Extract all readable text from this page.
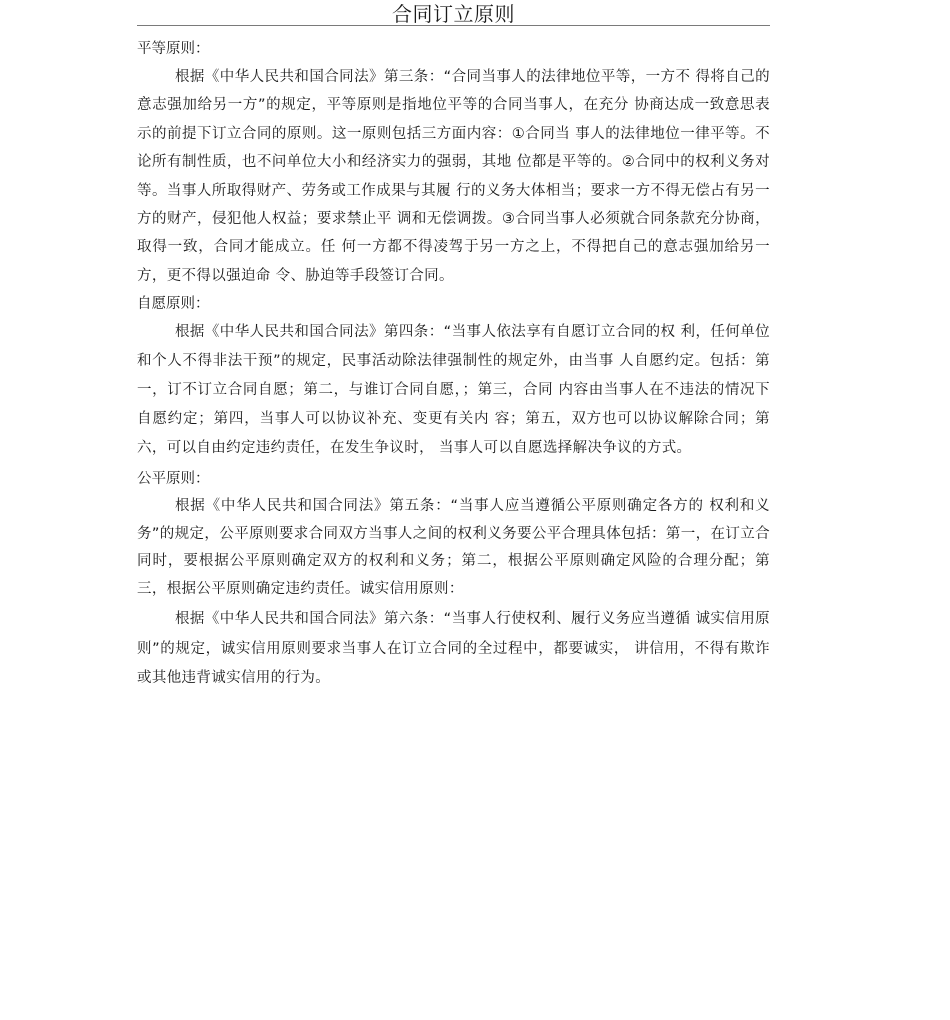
合同订立原则
平等原则：

根据《中华人民共和国合同法》第三条：“合同当事人的法律地位平等，一方不 得将自己的意志强加给另一方”的规定，平等原则是指地位平等的合同当事人，在充分 协商达成一致意思表示的前提下订立合同的原则。这一原则包括三方面内容：①合同当 事人的法律地位一律平等。不论所有制性质，也不问单位大小和经济实力的强弱，其地 位都是平等的。②合同中的权利义务对等。当事人所取得财产、劳务或工作成果与其履 行的义务大体相当；要求一方不得无偿占有另一方的财产，侵犯他人权益；要求禁止平 调和无偿调拨。③合同当事人必须就合同条款充分协商，取得一致，合同才能成立。任 何一方都不得凌驾于另一方之上，不得把自己的意志强加给另一方，更不得以强迫命 令、胁迫等手段签订合同。

自愿原则：

根据《中华人民共和国合同法》第四条：“当事人依法享有自愿订立合同的权 利，任何单位和个人不得非法干预”的规定，民事活动除法律强制性的规定外，由当事 人自愿约定。包括：第一，订不订立合同自愿；第二，与谁订合同自愿，；第三，合同 内容由当事人在不违法的情况下自愿约定；第四，当事人可以协议补充、变更有关内 容；第五，双方也可以协议解除合同；第六，可以自由约定违约责任，在发生争议时， 当事人可以自愿选择解决争议的方式。

公平原则：

根据《中华人民共和国合同法》第五条：“当事人应当遵循公平原则确定各方的 权利和义务”的规定，公平原则要求合同双方当事人之间的权利义务要公平合理具体包括：第一，在订立合同时，要根据公平原则确定双方的权利和义务；第二，根据公平原则确定风险的合理分配；第三，根据公平原则确定违约责任。诚实信用原则：

根据《中华人民共和国合同法》第六条：“当事人行使权利、履行义务应当遵循 诚实信用原则”的规定，诚实信用原则要求当事人在订立合同的全过程中，都要诚实， 讲信用，不得有欺诈或其他违背诚实信用的行为。
